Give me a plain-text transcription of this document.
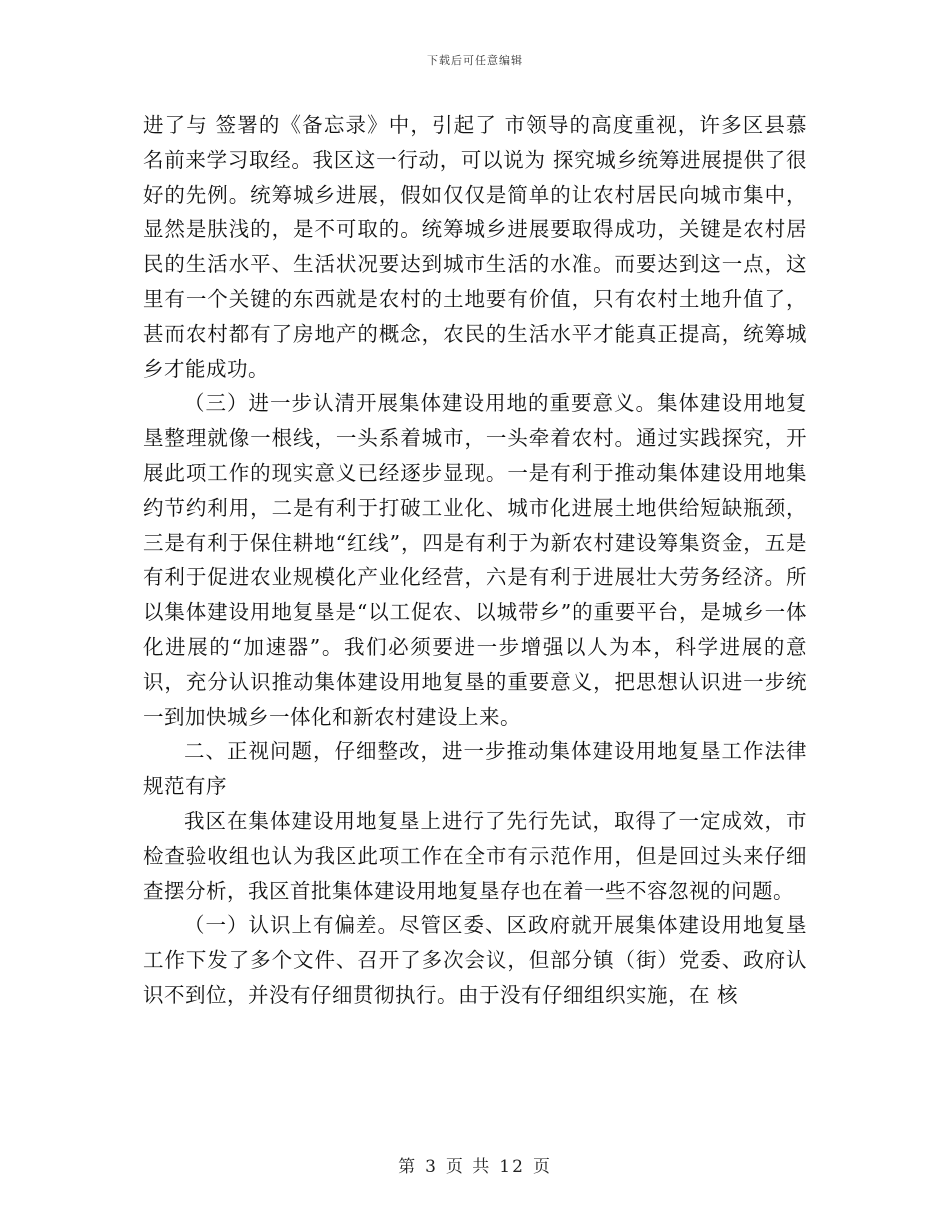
下载后可任意编辑

进了与 签署的《备忘录》中，引起了 市领导的高度重视，许多区县慕名前来学习取经。我区这一行动，可以说为 探究城乡统筹进展提供了很好的先例。统筹城乡进展，假如仅仅是简单的让农村居民向城市集中，显然是肤浅的，是不可取的。统筹城乡进展要取得成功，关键是农村居民的生活水平、生活状况要达到城市生活的水准。而要达到这一点，这里有一个关键的东西就是农村的土地要有价值，只有农村土地升值了，甚而农村都有了房地产的概念，农民的生活水平才能真正提高，统筹城乡才能成功。

（三）进一步认清开展集体建设用地的重要意义。集体建设用地复垦整理就像一根线，一头系着城市，一头牵着农村。通过实践探究，开展此项工作的现实意义已经逐步显现。一是有利于推动集体建设用地集约节约利用，二是有利于打破工业化、城市化进展土地供给短缺瓶颈，三是有利于保住耕地“红线”，四是有利于为新农村建设筹集资金，五是有利于促进农业规模化产业化经营，六是有利于进展壮大劳务经济。所以集体建设用地复垦是“以工促农、以城带乡”的重要平台，是城乡一体化进展的“加速器”。我们必须要进一步增强以人为本，科学进展的意识，充分认识推动集体建设用地复垦的重要意义，把思想认识进一步统一到加快城乡一体化和新农村建设上来。

二、正视问题，仔细整改，进一步推动集体建设用地复垦工作法律规范有序

我区在集体建设用地复垦上进行了先行先试，取得了一定成效，市检查验收组也认为我区此项工作在全市有示范作用，但是回过头来仔细查摆分析，我区首批集体建设用地复垦存也在着一些不容忽视的问题。

（一）认识上有偏差。尽管区委、区政府就开展集体建设用地复垦工作下发了多个文件、召开了多次会议，但部分镇（街）党委、政府认识不到位，并没有仔细贯彻执行。由于没有仔细组织实施，在 核

第 3 页 共 12 页
